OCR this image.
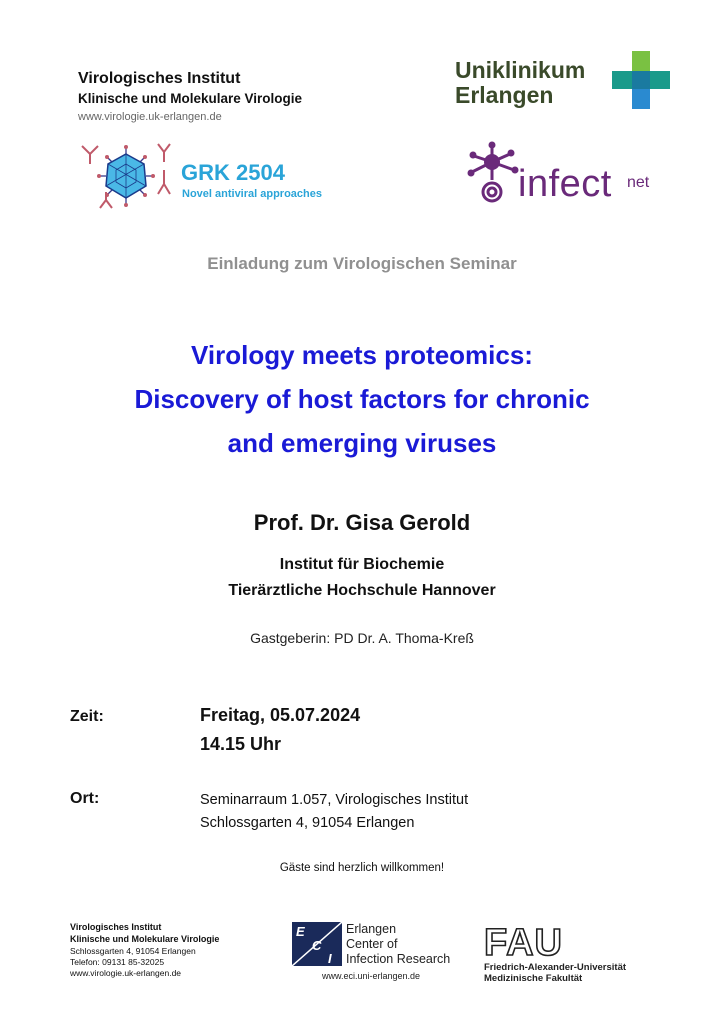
Virologisches Institut
Klinische und Molekulare Virologie
www.virologie.uk-erlangen.de
Uniklinikum
Erlangen
GRK 2504
Novel antiviral approaches	infect net
Einladung zum Virologischen Seminar
Virology meets proteomics:
Discovery of host factors for chronic
and emerging viruses
Prof. Dr. Gisa Gerold
Institut für Biochemie
Tierärztliche Hochschule Hannover
Gastgeberin: PD Dr. A. Thoma-Kreß
Zeit:	Freitag, 05.07.2024
14.15 Uhr
Ort:	Seminarraum 1.057, Virologisches Institut
Schlossgarten 4, 91054 Erlangen
Gäste sind herzlich willkommen!
Virologisches Institut
Klinische und Molekulare Virologie
Schlossgarten 4, 91054 Erlangen
Telefon: 09131 85-32025
www.virologie.uk-erlangen.de
E
C
I
Erlangen
Center of
Infection Research
www.eci.uni-erlangen.de
FAU
Friedrich-Alexander-Universität
Medizinische Fakultät
